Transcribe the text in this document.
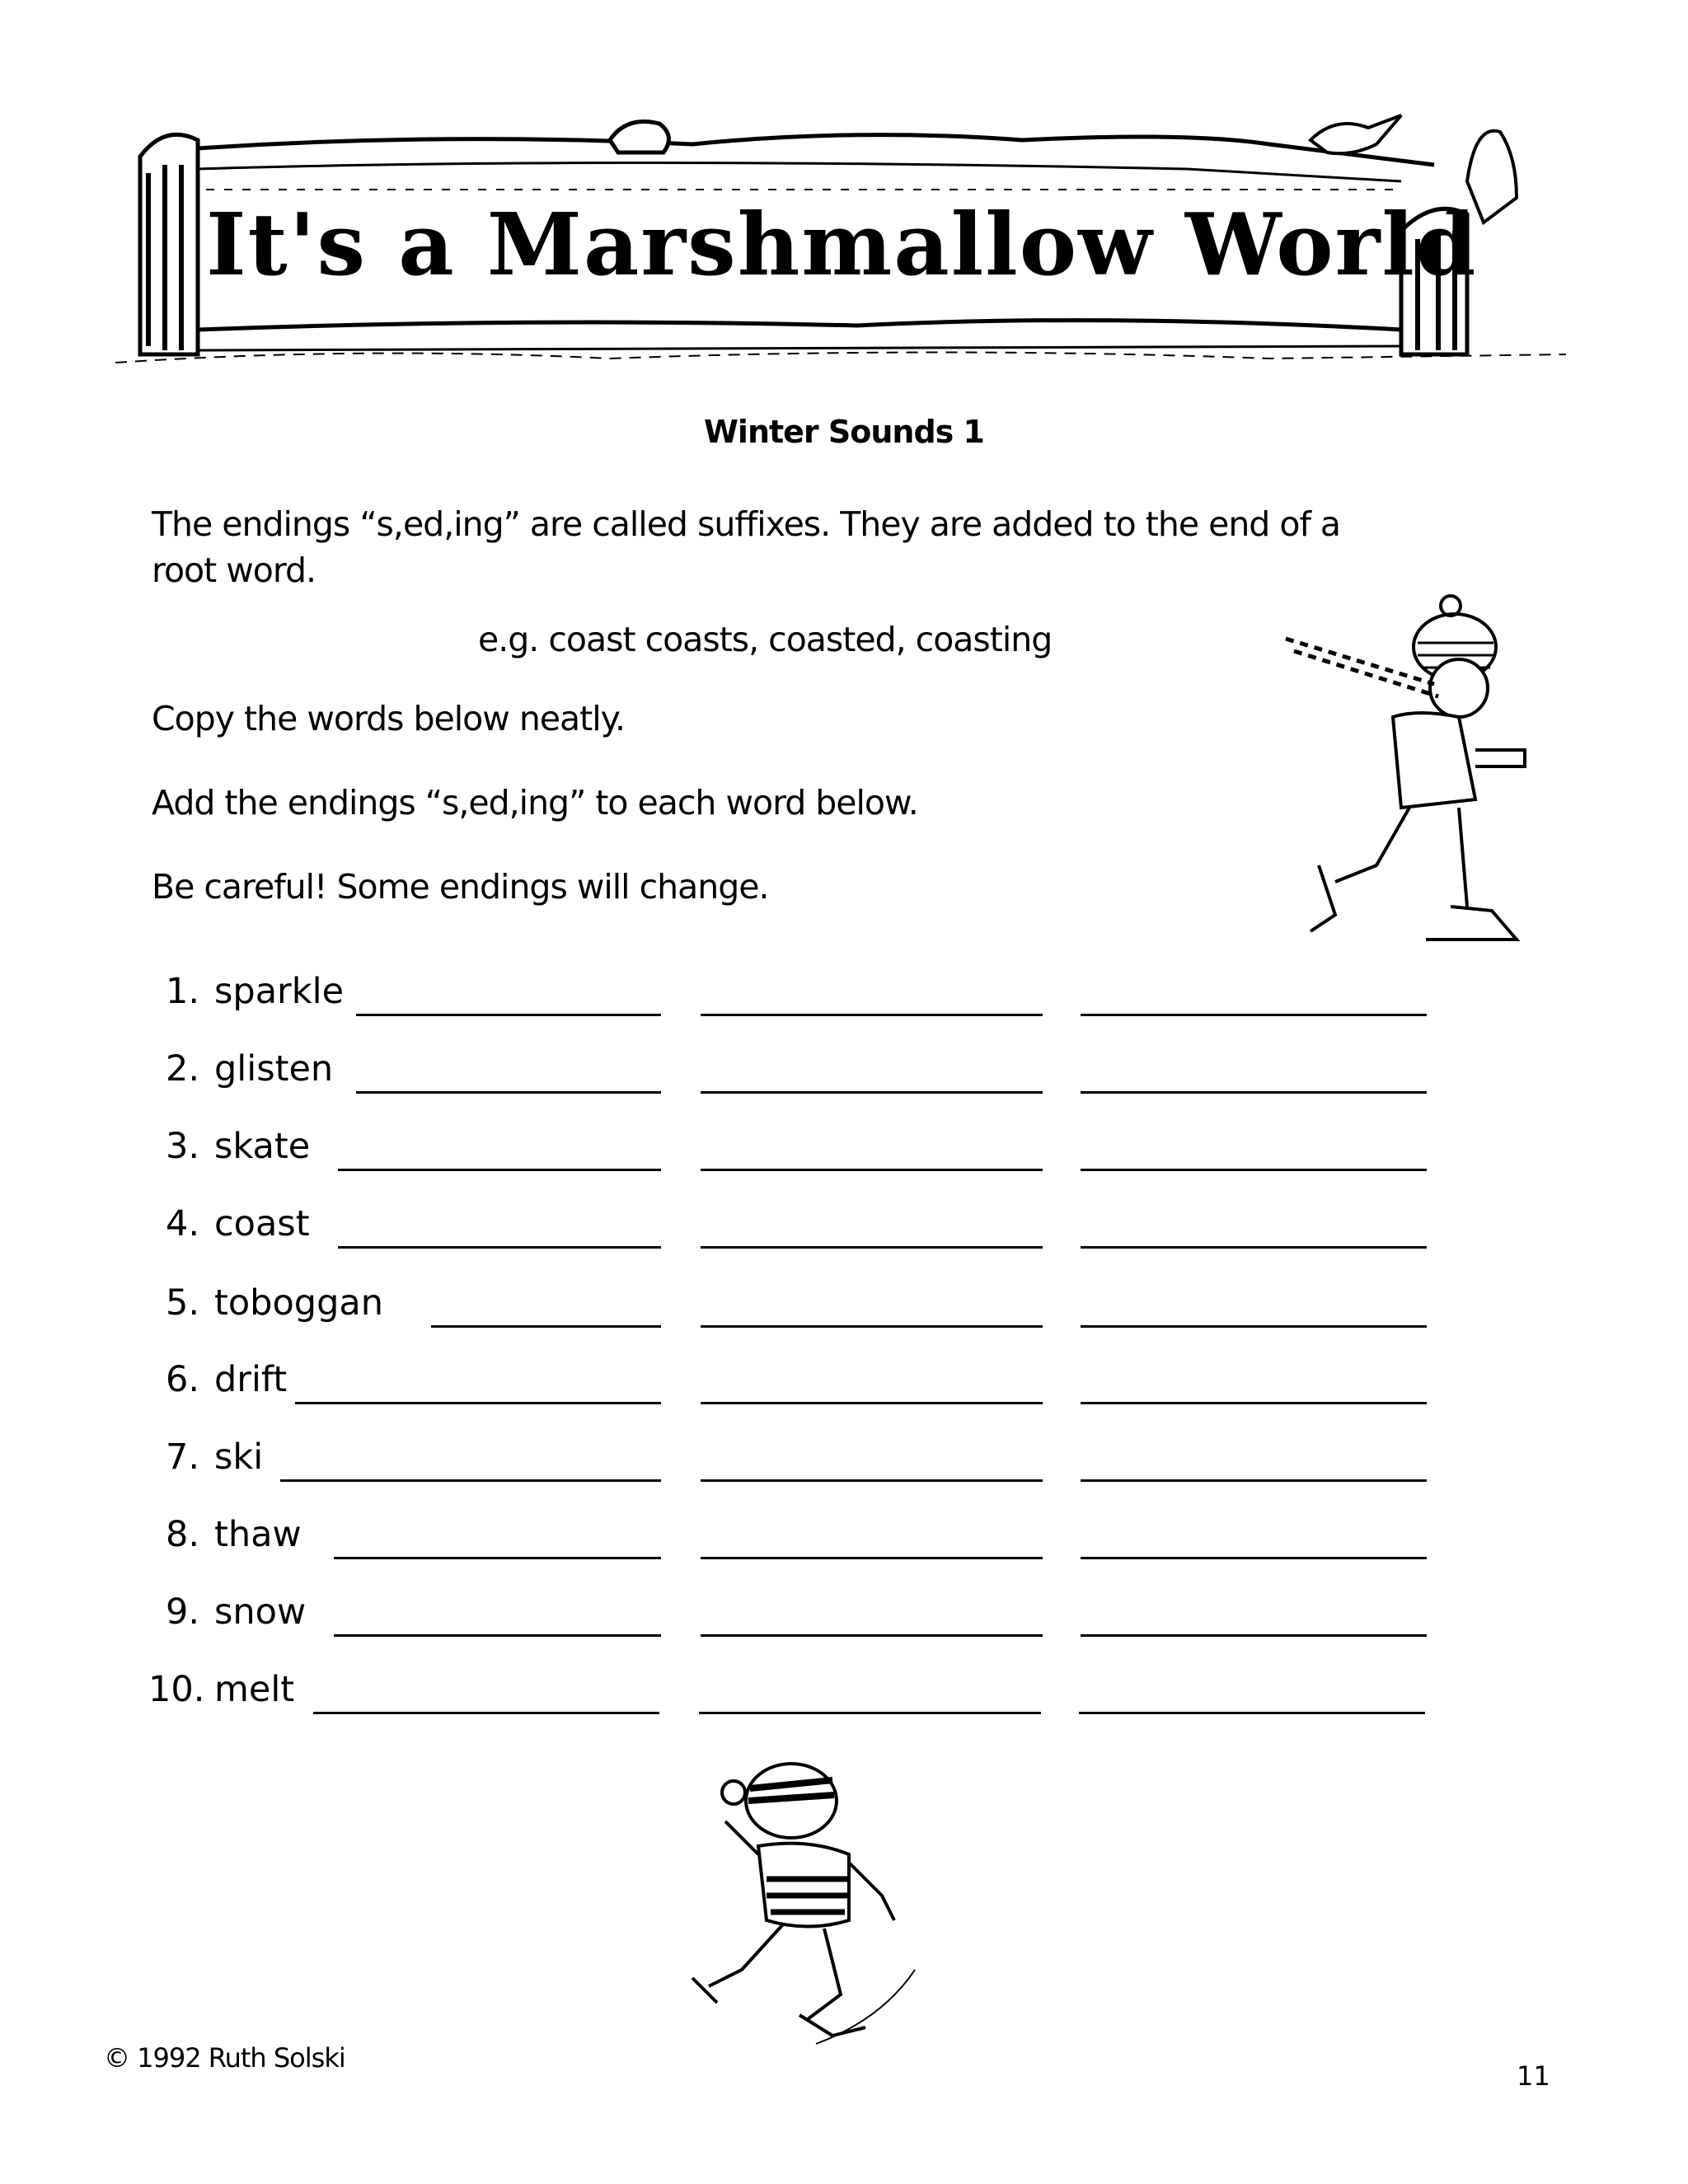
It's a Marshmallow World
Winter Sounds 1
The endings “s,ed,ing” are called suffixes. They are added to the end of a
root word.
e.g. coast coasts, coasted, coasting
Copy the words below neatly.
Add the endings “s,ed,ing” to each word below.
Be careful! Some endings will change.
1. sparkle
2. glisten
3. skate
4. coast
5. toboggan
6. drift
7. ski
8. thaw
9. snow
10. melt
© 1992 Ruth Solski
11
